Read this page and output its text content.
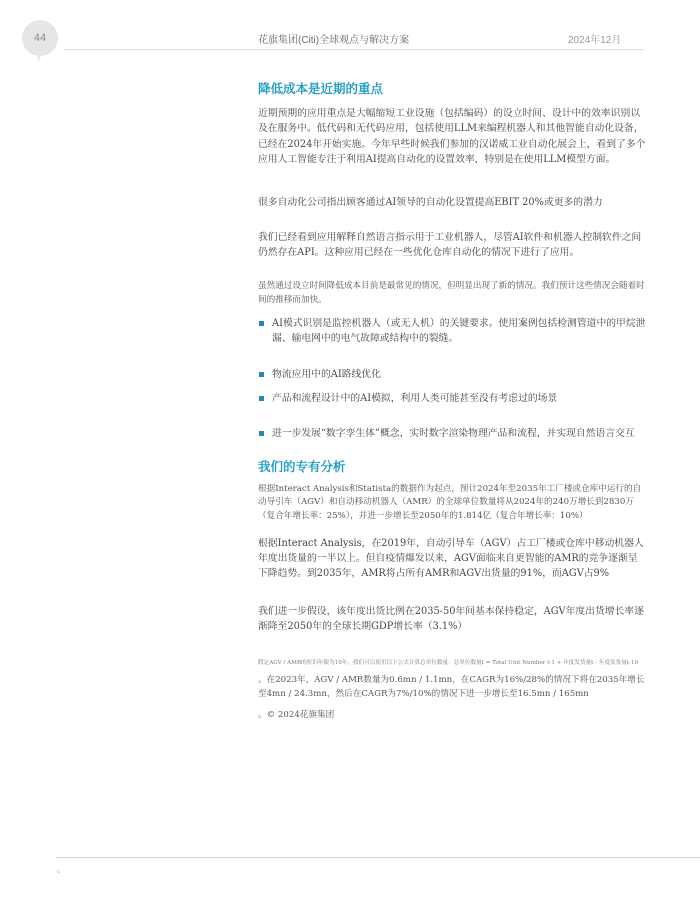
44	花旗集团(Citi)全球观点与解决方案	2024年12月
降低成本是近期的重点

近期预期的应用重点是大幅缩短工业设施（包括编码）的设立时间、设计中的效率识别以及在服务中。低代码和无代码应用，包括使用LLM来编程机器人和其他智能自动化设备，已经在2024年开始实施。今年早些时候我们参加的汉诺威工业自动化展会上，看到了多个应用人工智能专注于利用AI提高自动化的设置效率，特别是在使用LLM模型方面。

很多自动化公司指出顾客通过AI领导的自动化设置提高EBIT 20%或更多的潜力

我们已经看到应用解释自然语言指示用于工业机器人，尽管AI软件和机器人控制软件之间仍然存在API。这种应用已经在一些优化仓库自动化的情况下进行了应用。

虽然通过设立时间降低成本目前是最常见的情况，但明显出现了新的情况。我们预计这些情况会随着时间的推移而加快。

AI模式识别是监控机器人（或无人机）的关键要求。使用案例包括检测管道中的甲烷泄漏、输电网中的电气故障或结构中的裂缝。

物流应用中的AI路线优化

产品和流程设计中的AI模拟，利用人类可能甚至没有考虑过的场景

进一步发展“数字孪生体”概念，实时数字渲染物理产品和流程，并实现自然语言交互

我们的专有分析

根据Interact Analysis和Statista的数据作为起点，预计2024年至2035年工厂楼或仓库中运行的自动导引车（AGV）和自动移动机器人（AMR）的全球单位数量将从2024年的240万增长到2830万（复合年增长率：25%），并进一步增长至2050年的1.814亿（复合年增长率：10%）

根据Interact Analysis，在2019年，自动引导车（AGV）占工厂楼或仓库中移动机器人年度出货量的一半以上。但自疫情爆发以来，AGV面临来自更智能的AMR的竞争逐渐呈下降趋势。到2035年，AMR将占所有AMR和AGV出货量的91%，而AGV占9%

我们进一步假设，该年度出货比例在2035-50年间基本保持稳定，AGV年度出货增长率逐渐降至2050年的全球长期GDP增长率（3.1%）

假定AGV / AMR的折旧年限为10年，我们可以使用以下公式计算总单位数量：总单位数量t = Total Unit Number t-1 + 年度发货量t - 年度发货量t-10

。在2023年，AGV / AMR数量为0.6mn / 1.1mn，在CAGR为16%/28%的情况下将在2035年增长至4mn / 24.3mn，然后在CAGR为7%/10%的情况下进一步增长至16.5mn / 165mn

。© 2024花旗集团

c
